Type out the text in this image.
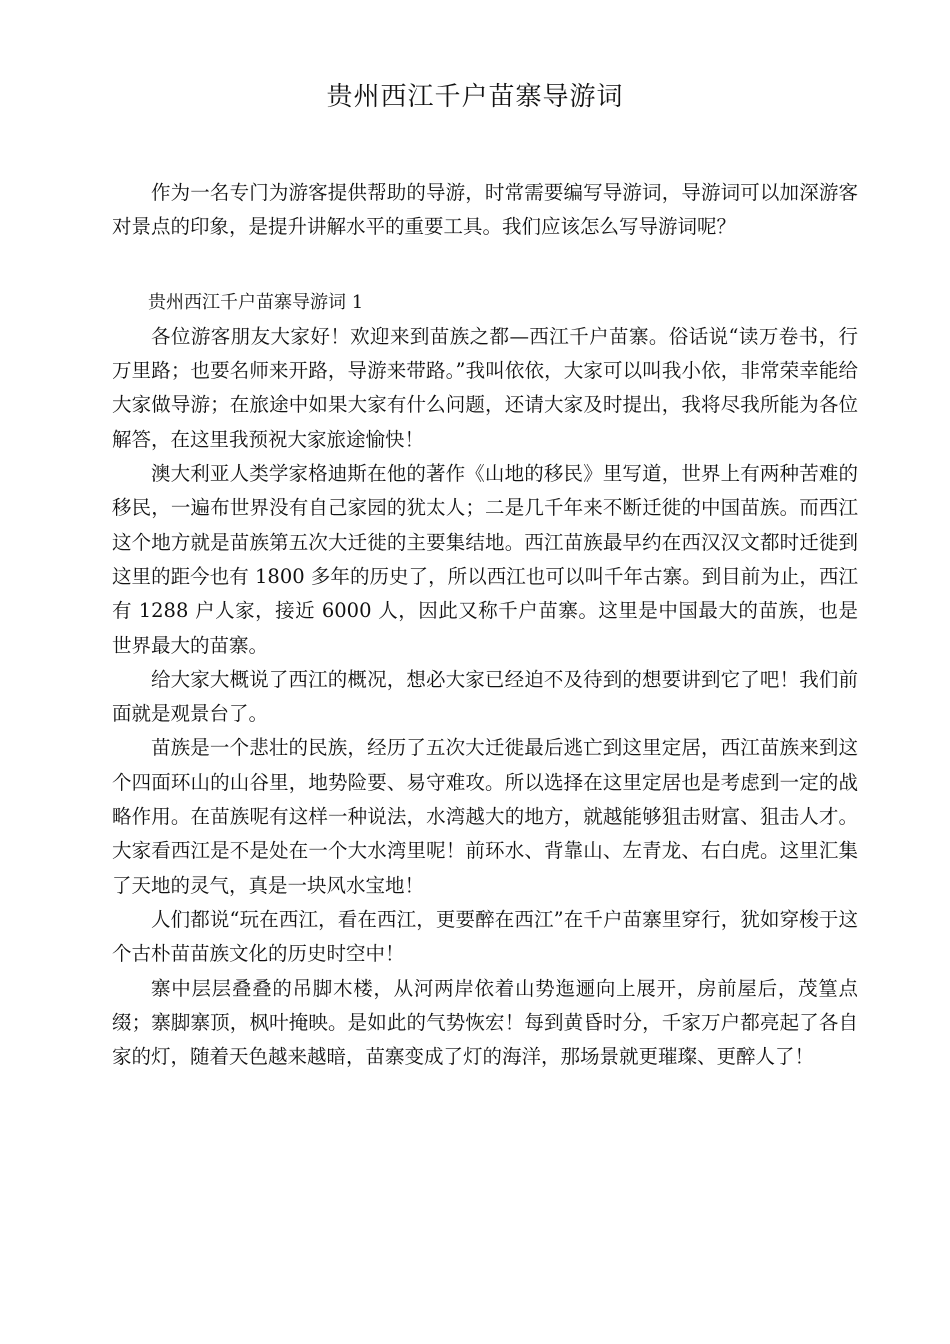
贵州西江千户苗寨导游词

作为一名专门为游客提供帮助的导游，时常需要编写导游词，导游词可以加深游客对景点的印象，是提升讲解水平的重要工具。我们应该怎么写导游词呢？

贵州西江千户苗寨导游词 1

各位游客朋友大家好！欢迎来到苗族之都—西江千户苗寨。俗话说“读万卷书，行万里路；也要名师来开路，导游来带路。”我叫依依，大家可以叫我小依，非常荣幸能给大家做导游；在旅途中如果大家有什么问题，还请大家及时提出，我将尽我所能为各位解答，在这里我预祝大家旅途愉快！

澳大利亚人类学家格迪斯在他的著作《山地的移民》里写道，世界上有两种苦难的移民，一遍布世界没有自己家园的犹太人；二是几千年来不断迁徙的中国苗族。而西江这个地方就是苗族第五次大迁徙的主要集结地。西江苗族最早约在西汉汉文都时迁徙到这里的距今也有 1800 多年的历史了，所以西江也可以叫千年古寨。到目前为止，西江有 1288 户人家，接近 6000 人，因此又称千户苗寨。这里是中国最大的苗族，也是世界最大的苗寨。

给大家大概说了西江的概况，想必大家已经迫不及待到的想要讲到它了吧！我们前面就是观景台了。

苗族是一个悲壮的民族，经历了五次大迁徙最后逃亡到这里定居，西江苗族来到这个四面环山的山谷里，地势险要、易守难攻。所以选择在这里定居也是考虑到一定的战略作用。在苗族呢有这样一种说法，水湾越大的地方，就越能够狙击财富、狙击人才。大家看西江是不是处在一个大水湾里呢！前环水、背靠山、左青龙、右白虎。这里汇集了天地的灵气，真是一块风水宝地！

人们都说“玩在西江，看在西江，更要醉在西江”在千户苗寨里穿行，犹如穿梭于这个古朴苗苗族文化的历史时空中！

寨中层层叠叠的吊脚木楼，从河两岸依着山势迤逦向上展开，房前屋后，茂篁点缀；寨脚寨顶，枫叶掩映。是如此的气势恢宏！每到黄昏时分，千家万户都亮起了各自家的灯，随着天色越来越暗，苗寨变成了灯的海洋，那场景就更璀璨、更醉人了！
